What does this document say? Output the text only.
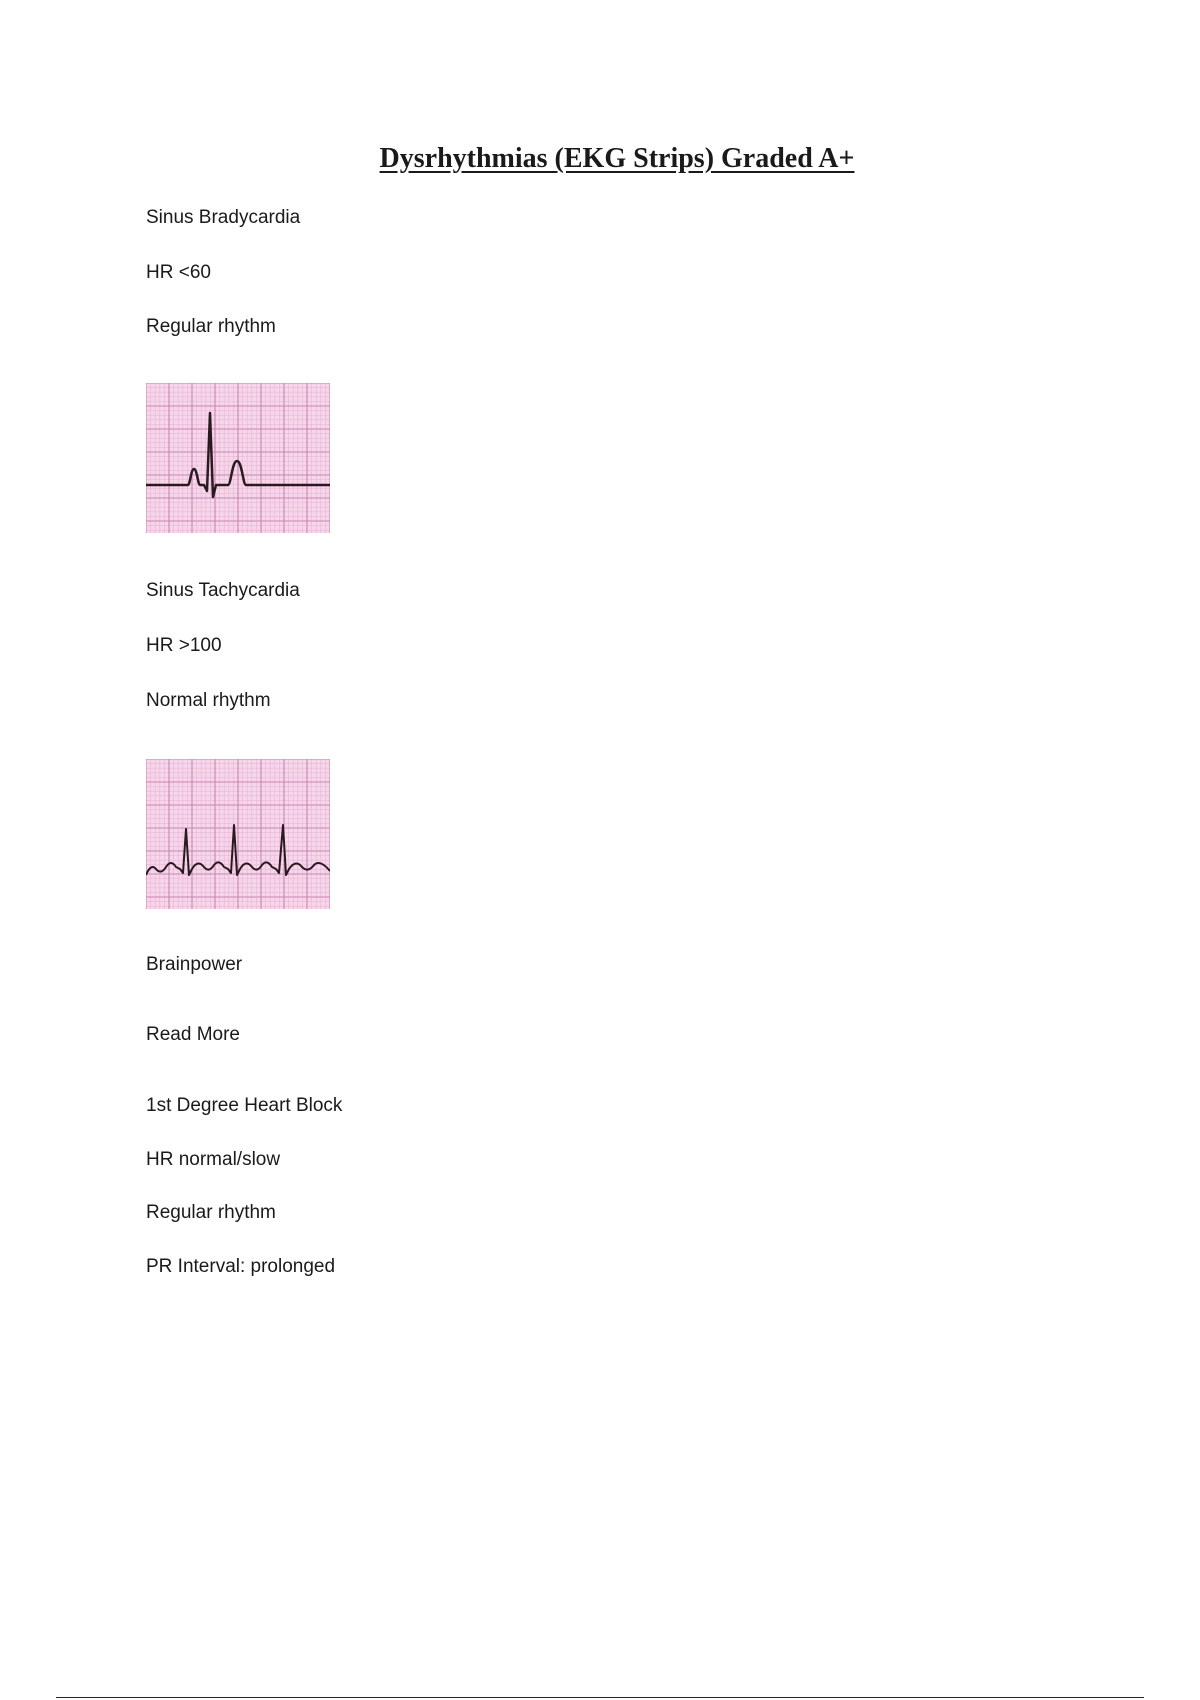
Dysrhythmias (EKG Strips) Graded A+

Sinus Bradycardia

HR <60

Regular rhythm

Sinus Tachycardia

HR >100

Normal rhythm

Brainpower

Read More

1st Degree Heart Block

HR normal/slow

Regular rhythm

PR Interval: prolonged
